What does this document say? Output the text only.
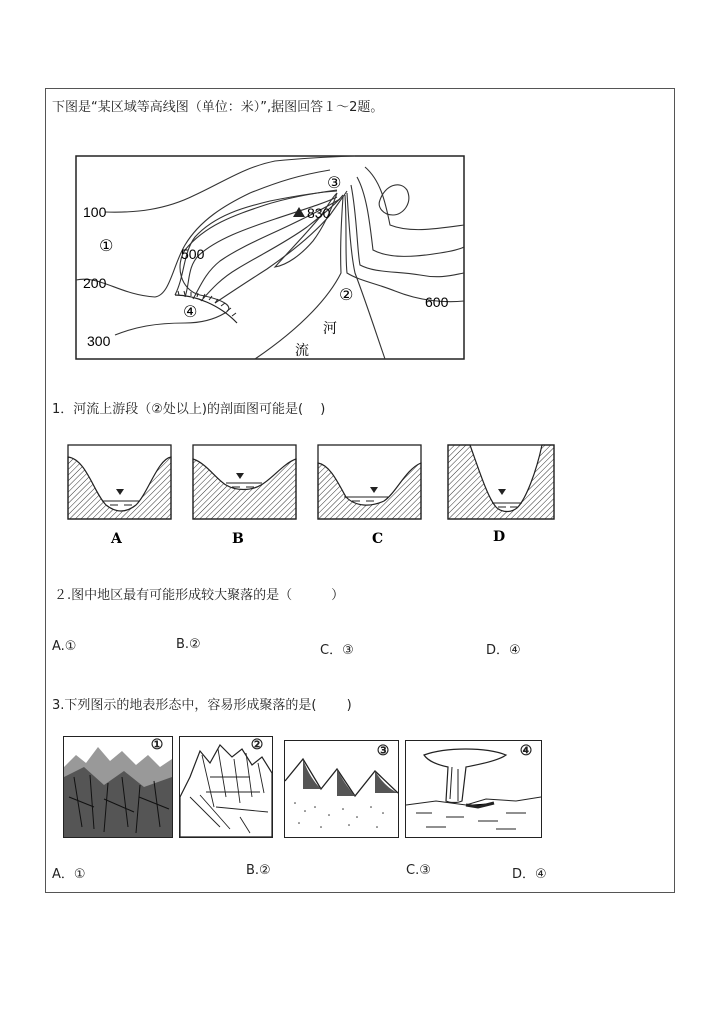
下图是“某区域等高线图（单位：米）”,据图回答１～2题。
100
200
300
500
600
830
①
②
③
④
河
流
1．河流上游段（②处以上)的剖面图可能是(　 )
A	B	C	D
２.图中地区最有可能形成较大聚落的是（　　　）
A.①	B.②	C．③	D．④
3.下列图示的地表形态中，容易形成聚落的是(　　 )
①	②	③	④
A．①	B.②	C.③	D．④
